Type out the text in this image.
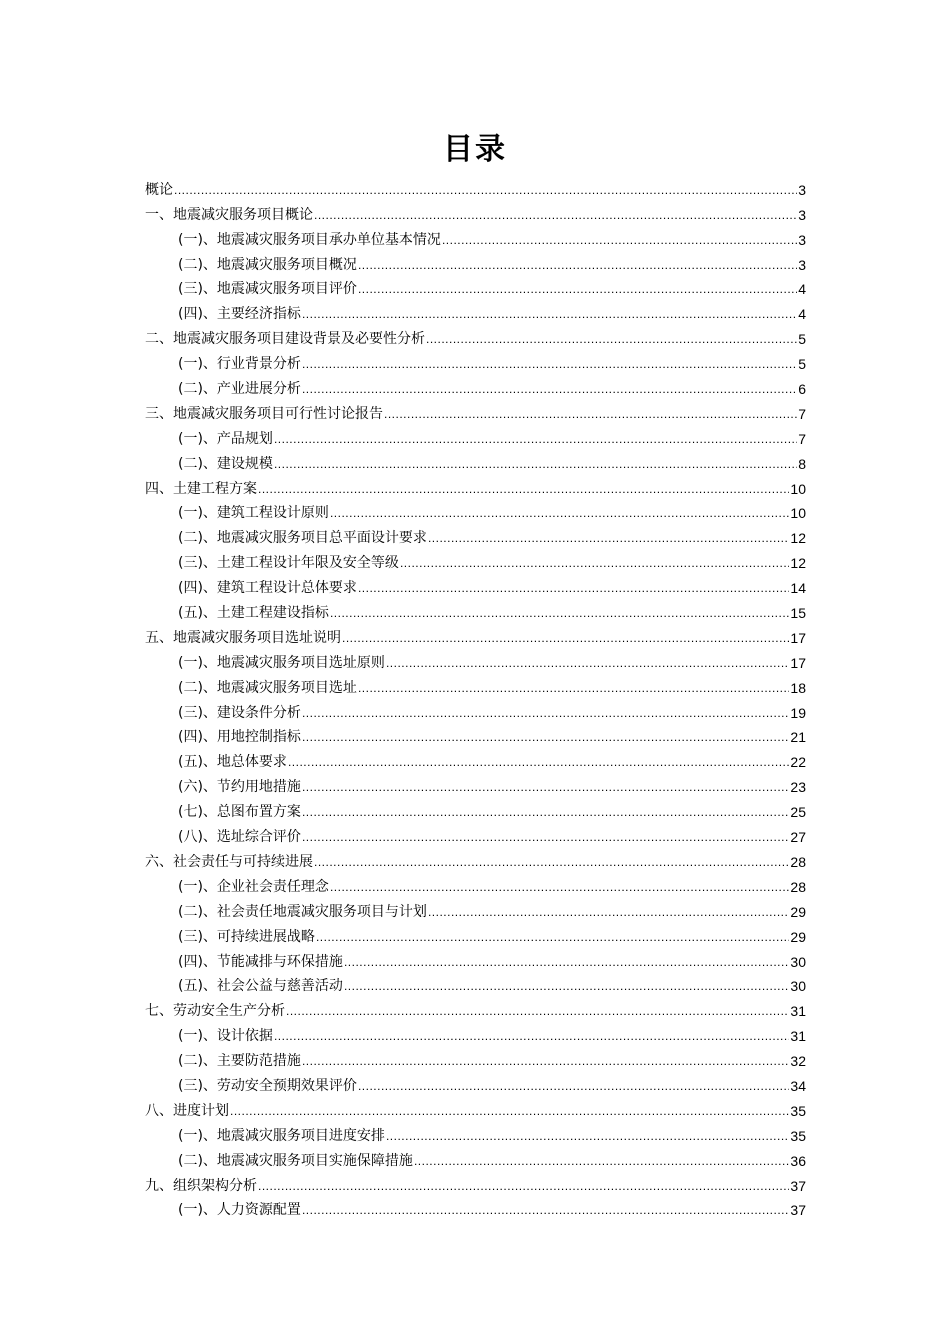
目录
概论 .....	3
一、地震减灾服务项目概论 .....	3
(一)、地震减灾服务项目承办单位基本情况 .....	3
(二)、地震减灾服务项目概况 .....	3
(三)、地震减灾服务项目评价 .....	4
(四)、主要经济指标 .....	4
二、地震减灾服务项目建设背景及必要性分析 .....	5
(一)、行业背景分析 .....	5
(二)、产业进展分析 .....	6
三、地震减灾服务项目可行性讨论报告 .....	7
(一)、产品规划 .....	7
(二)、建设规模 .....	8
四、土建工程方案 .....	10
(一)、建筑工程设计原则 .....	10
(二)、地震减灾服务项目总平面设计要求 .....	12
(三)、土建工程设计年限及安全等级 .....	12
(四)、建筑工程设计总体要求 .....	14
(五)、土建工程建设指标 .....	15
五、地震减灾服务项目选址说明 .....	17
(一)、地震减灾服务项目选址原则 .....	17
(二)、地震减灾服务项目选址 .....	18
(三)、建设条件分析 .....	19
(四)、用地控制指标 .....	21
(五)、地总体要求 .....	22
(六)、节约用地措施 .....	23
(七)、总图布置方案 .....	25
(八)、选址综合评价 .....	27
六、社会责任与可持续进展 .....	28
(一)、企业社会责任理念 .....	28
(二)、社会责任地震减灾服务项目与计划 .....	29
(三)、可持续进展战略 .....	29
(四)、节能减排与环保措施 .....	30
(五)、社会公益与慈善活动 .....	30
七、劳动安全生产分析 .....	31
(一)、设计依据 .....	31
(二)、主要防范措施 .....	32
(三)、劳动安全预期效果评价 .....	34
八、进度计划 .....	35
(一)、地震减灾服务项目进度安排 .....	35
(二)、地震减灾服务项目实施保障措施 .....	36
九、组织架构分析 .....	37
(一)、人力资源配置 .....	37
